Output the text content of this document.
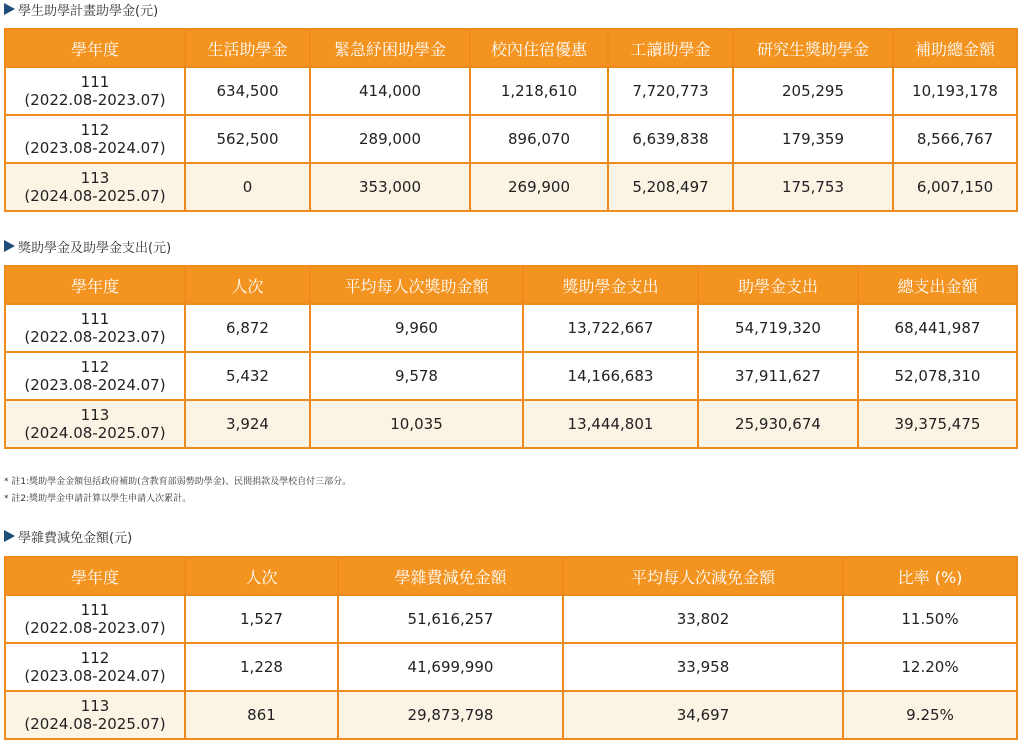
學生助學計畫助學金(元)
學年度	生活助學金	緊急紓困助學金	校內住宿優惠	工讀助學金	研究生獎助學金	補助總金額
111
(2022.08-2023.07)	634,500	414,000	1,218,610	7,720,773	205,295	10,193,178
112
(2023.08-2024.07)	562,500	289,000	896,070	6,639,838	179,359	8,566,767
113
(2024.08-2025.07)	0	353,000	269,900	5,208,497	175,753	6,007,150
獎助學金及助學金支出(元)
學年度	人次	平均每人次獎助金額	獎助學金支出	助學金支出	總支出金額
111
(2022.08-2023.07)	6,872	9,960	13,722,667	54,719,320	68,441,987
112
(2023.08-2024.07)	5,432	9,578	14,166,683	37,911,627	52,078,310
113
(2024.08-2025.07)	3,924	10,035	13,444,801	25,930,674	39,375,475
* 註1:獎助學金金額包括政府補助(含教育部弱勢助學金)、民間捐款及學校自付三部分。
* 註2:獎助學金申請計算以學生申請人次累計。
學雜費減免金額(元)
學年度	人次	學雜費減免金額	平均每人次減免金額	比率 (%)
111
(2022.08-2023.07)	1,527	51,616,257	33,802	11.50%
112
(2023.08-2024.07)	1,228	41,699,990	33,958	12.20%
113
(2024.08-2025.07)	861	29,873,798	34,697	9.25%
